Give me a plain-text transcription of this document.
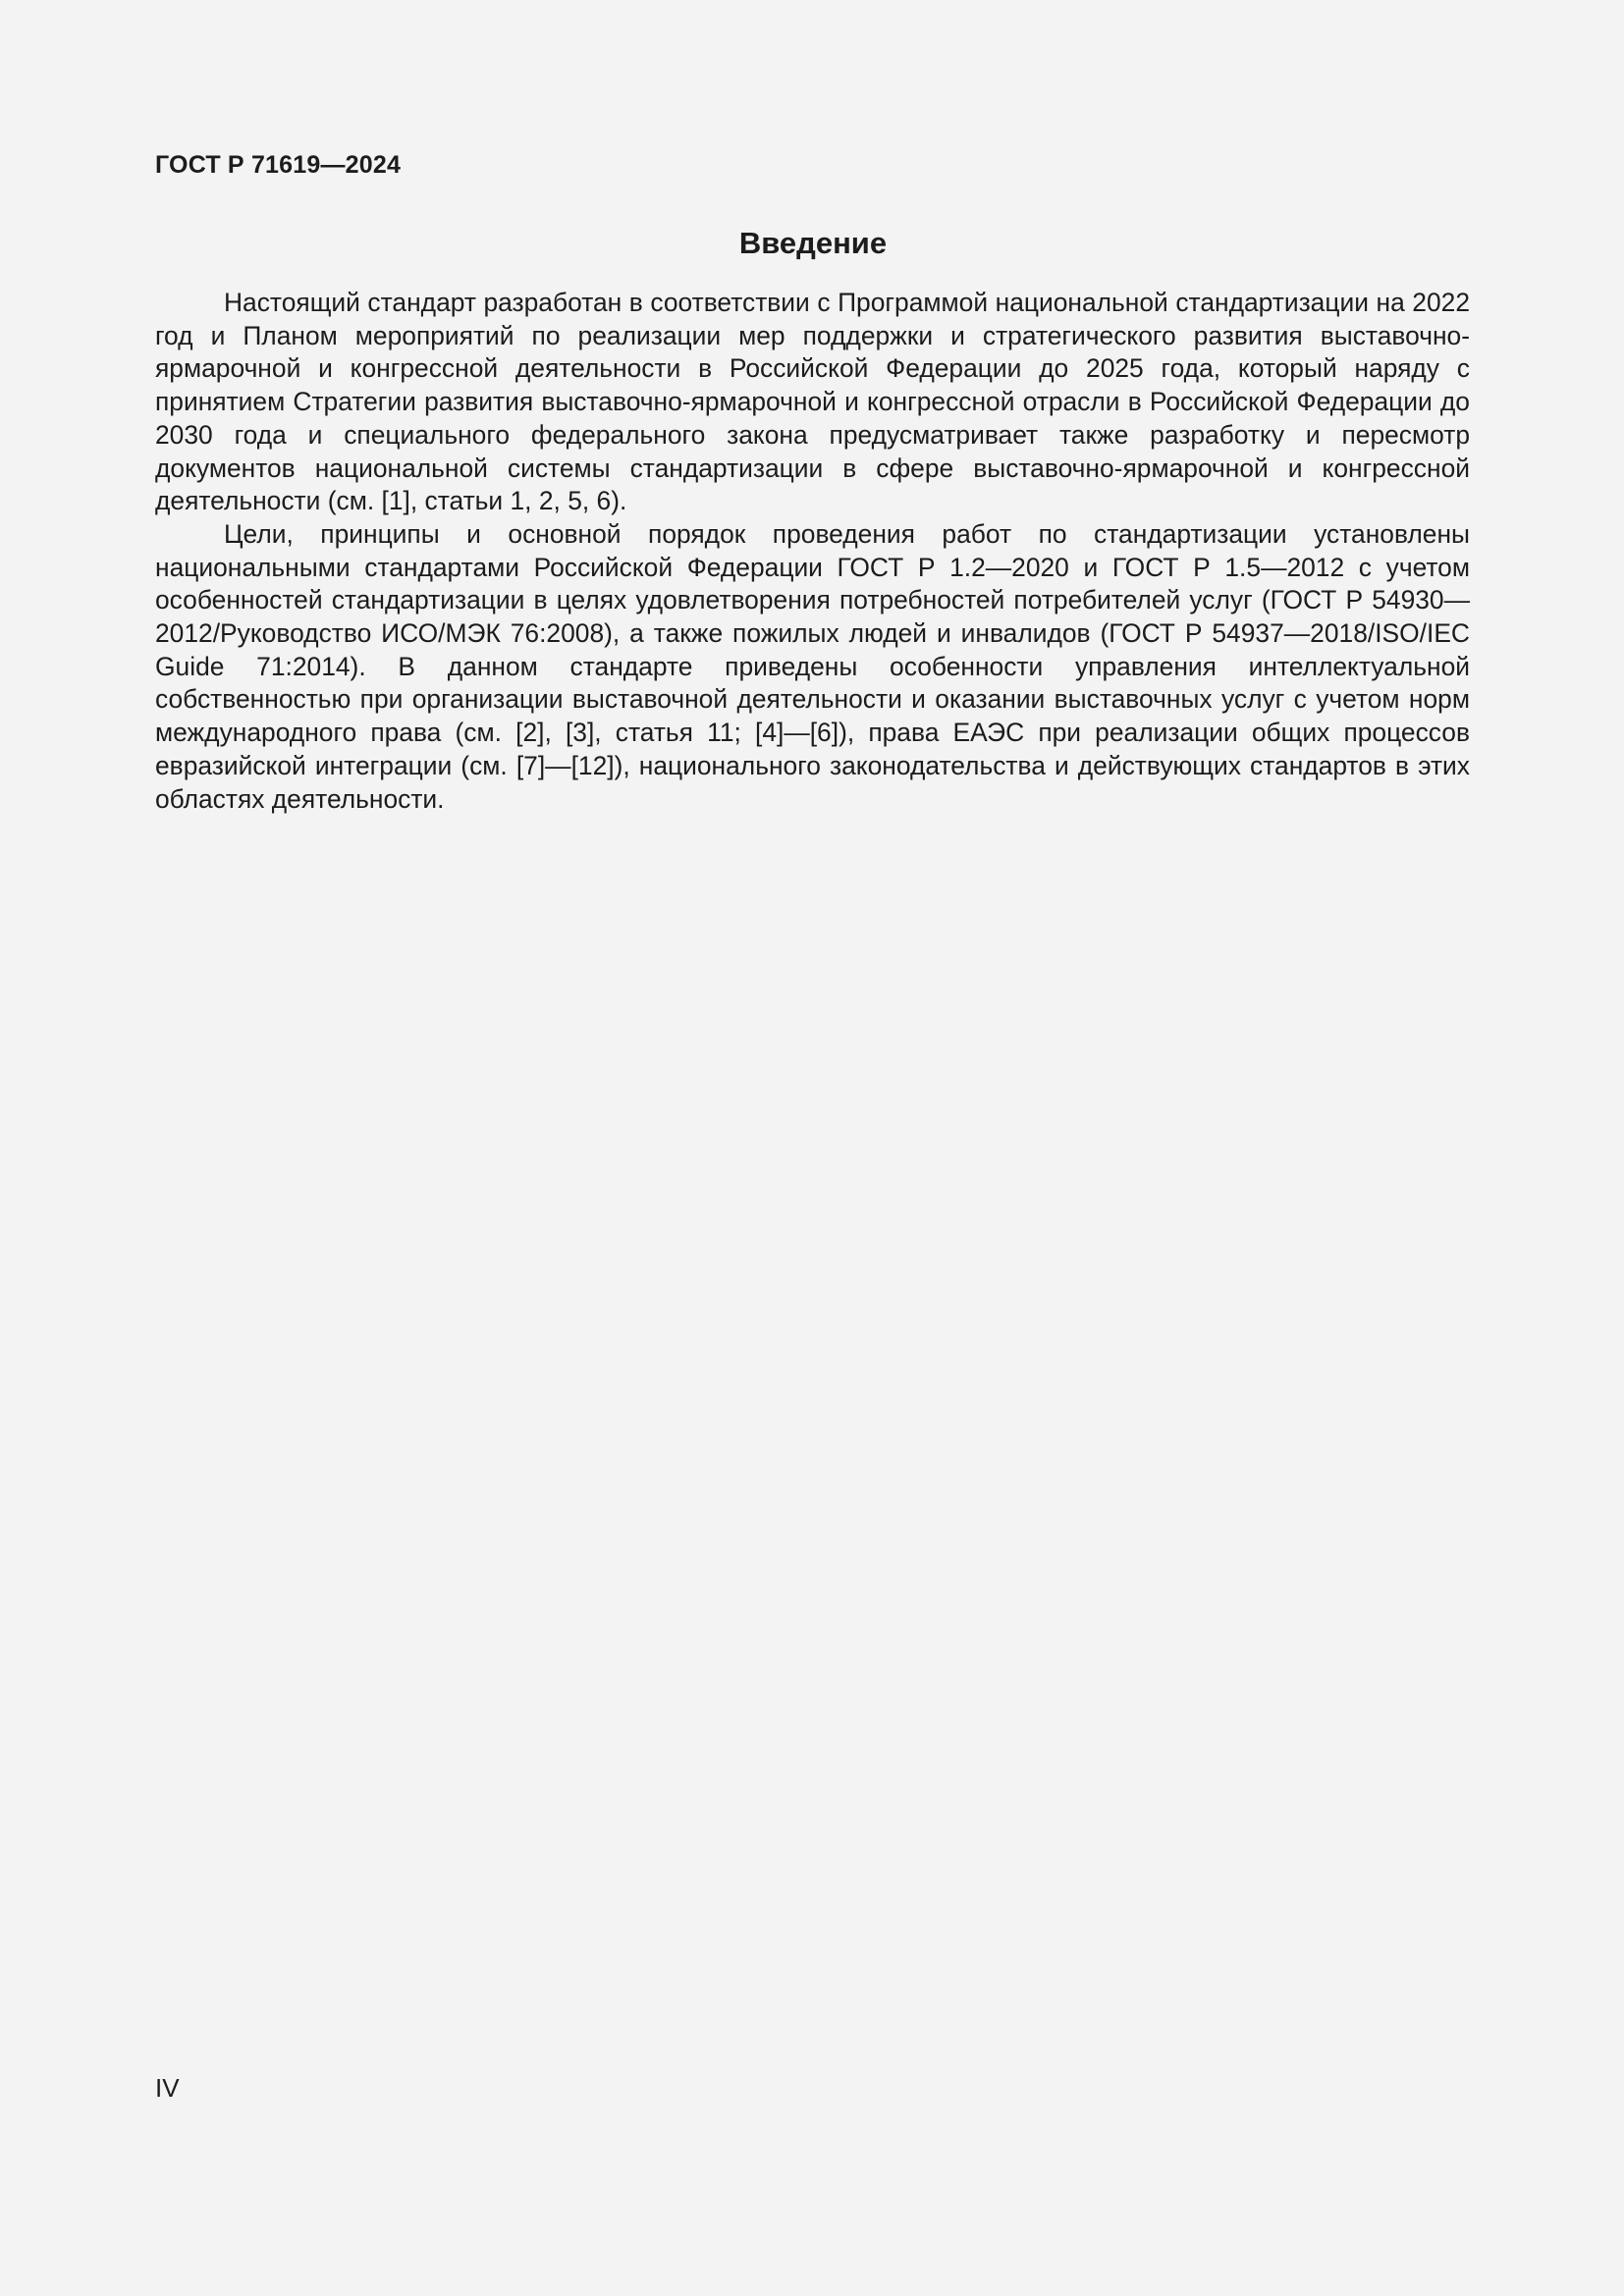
ГОСТ Р 71619—2024

Введение

Настоящий стандарт разработан в соответствии с Программой национальной стандартизации на 2022 год и Планом мероприятий по реализации мер поддержки и стратегического развития выставочно-ярмарочной и конгрессной деятельности в Российской Федерации до 2025 года, который наряду с принятием Стратегии развития выставочно-ярмарочной и конгрессной отрасли в Российской Федерации до 2030 года и специального федерального закона предусматривает также разработку и пересмотр документов национальной системы стандартизации в сфере выставочно-ярмарочной и конгрессной деятельности (см. [1], статьи 1, 2, 5, 6).

Цели, принципы и основной порядок проведения работ по стандартизации установлены национальными стандартами Российской Федерации ГОСТ Р 1.2—2020 и ГОСТ Р 1.5—2012 с учетом особенностей стандартизации в целях удовлетворения потребностей потребителей услуг (ГОСТ Р 54930—2012/Руководство ИСО/МЭК 76:2008), а также пожилых людей и инвалидов (ГОСТ Р 54937—2018/ISO/IEC Guide 71:2014). В данном стандарте приведены особенности управления интеллектуальной собственностью при организации выставочной деятельности и оказании выставочных услуг с учетом норм международного права (см. [2], [3], статья 11; [4]—[6]), права ЕАЭС при реализации общих процессов евразийской интеграции (см. [7]—[12]), национального законодательства и действующих стандартов в этих областях деятельности.

IV
